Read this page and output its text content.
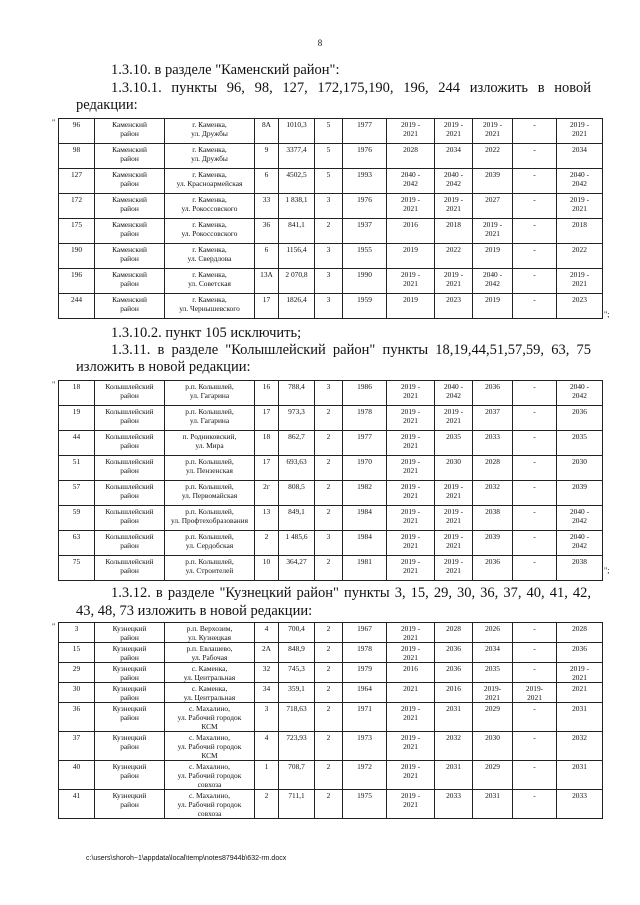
8
1.3.10. в разделе "Каменский район":
1.3.10.1. пункты 96, 98, 127, 172,175,190, 196, 244 изложить в новой
редакции:
" 96	Каменский
район	г. Каменка,
ул. Дружбы	8А	1010,3	5	1977	2019 -
2021	2019 -
2021	2019 -
2021	-	2019 -
2021
98	Каменский
район	г. Каменка,
ул. Дружбы	9	3377,4	5	1976	2028	2034	2022	-	2034
127	Каменский
район	г. Каменка,
ул. Красноармейская	6	4502,5	5	1993	2040 -
2042	2040 -
2042	2039	-	2040 -
2042
172	Каменский
район	г. Каменка,
ул. Рокоссовского	33	1 838,1	3	1976	2019 -
2021	2019 -
2021	2027	-	2019 -
2021
175	Каменский
район	г. Каменка,
ул. Рокоссовского	36	841,1	2	1937	2016	2018	2019 -
2021	-	2018
190	Каменский
район	г. Каменка,
ул. Свердлова	6	1156,4	3	1955	2019	2022	2019	-	2022
196	Каменский
район	г. Каменка,
ул. Советская	13А	2 070,8	3	1990	2019 -
2021	2019 -
2021	2040 -
2042	-	2019 -
2021
244	Каменский
район	г. Каменка,
ул. Чернышевского	17	1826,4	3	1959	2019	2023	2019	-	2023
";
1.3.10.2. пункт 105 исключить;
1.3.11. в разделе "Колышлейский район" пункты 18,19,44,51,57,59, 63, 75
изложить в новой редакции:
" 18	Колышлейский
район	р.п. Колышлей,
ул. Гагарина	16	788,4	3	1986	2019 -
2021	2040 -
2042	2036	-	2040 -
2042
19	Колышлейский
район	р.п. Колышлей,
ул. Гагарина	17	973,3	2	1978	2019 -
2021	2019 -
2021	2037	-	2036
44	Колышлейский
район	п. Родниковский,
ул. Мира	18	862,7	2	1977	2019 -
2021	2035	2033	-	2035
51	Колышлейский
район	р.п. Колышлей,
ул. Пензенская	17	693,63	2	1970	2019 -
2021	2030	2028	-	2030
57	Колышлейский
район	р.п. Колышлей,
ул. Первомайская	2г	808,5	2	1982	2019 -
2021	2019 -
2021	2032	-	2039
59	Колышлейский
район	р.п. Колышлей,
ул. Профтехобразования	13	849,1	2	1984	2019 -
2021	2019 -
2021	2038	-	2040 -
2042
63	Колышлейский
район	р.п. Колышлей,
ул. Сердобская	2	1 485,6	3	1984	2019 -
2021	2019 -
2021	2039	-	2040 -
2042
75	Колышлейский
район	р.п. Колышлей,
ул. Строителей	10	364,27	2	1981	2019 -
2021	2019 -
2021	2036	-	2038
";
1.3.12. в разделе "Кузнецкий район" пункты 3, 15, 29, 30, 36, 37, 40, 41, 42,
43, 48, 73 изложить в новой редакции:
"	3	Кузнецкий
район	р.п. Верхозим,
ул. Кузнецкая	4	700,4	2	1967	2019 -
2021	2028	2026	-	2028
15	Кузнецкий
район	р.п. Евлашево,
ул. Рабочая	2А	848,9	2	1978	2019 -
2021	2036	2034	-	2036
29	Кузнецкий
район	с. Каменка,
ул. Центральная	32	745,3	2	1979	2016	2036	2035	-	2019 -
2021
30	Кузнецкий
район	с. Каменка,
ул. Центральная	34	359,1	2	1964	2021	2016	2019-
2021	2019-
2021	2021
36	Кузнецкий
район	с. Махалино,
ул. Рабочий городок
КСМ	3	718,63	2	1971	2019 -
2021	2031	2029	-	2031
37	Кузнецкий
район	с. Махалино,
ул. Рабочий городок
КСМ	4	723,93	2	1973	2019 -
2021	2032	2030	-	2032
40	Кузнецкий
район	с. Махалино,
ул. Рабочий городок
совхоза	1	708,7	2	1972	2019 -
2021	2031	2029	-	2031
41	Кузнецкий
район	с. Махалино,
ул. Рабочий городок
совхоза	2	711,1	2	1975	2019 -
2021	2033	2031	-	2033
c:\users\shoroh~1\appdata\local\temp\notes87944b\632-rm.docx
